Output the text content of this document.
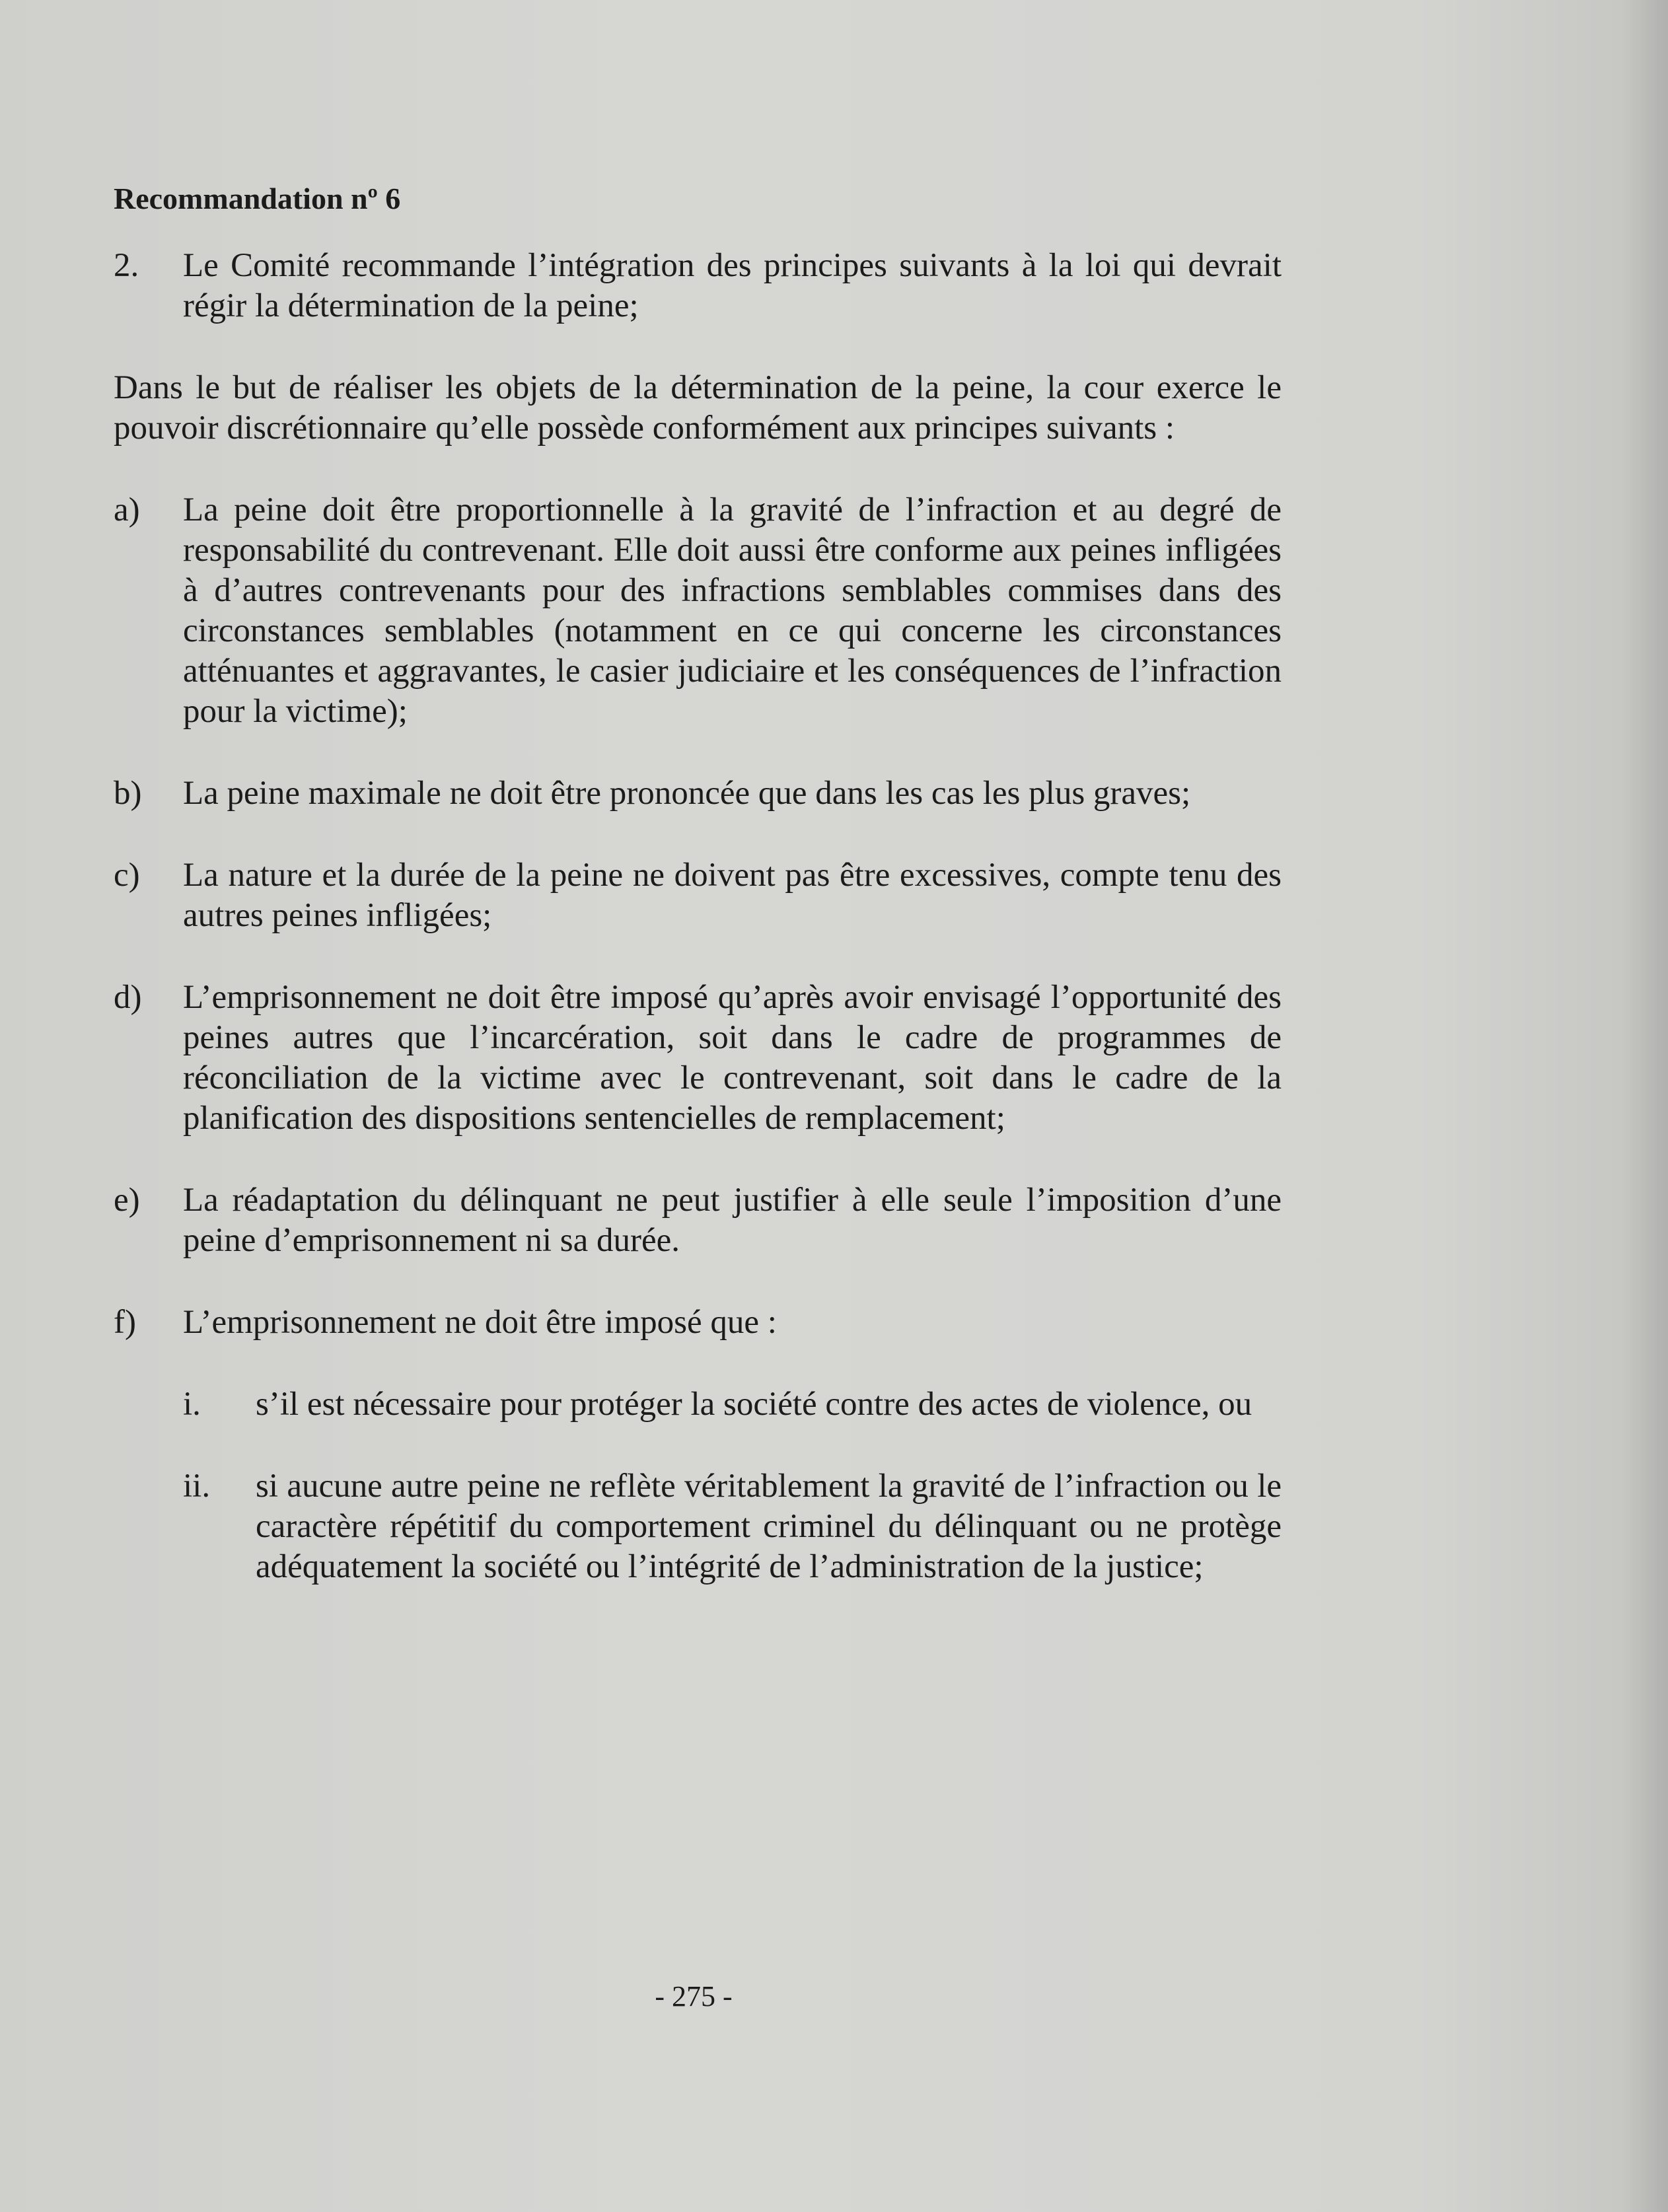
Recommandation nº 6
2.	Le Comité recommande l’intégration des principes suivants à la loi qui devrait régir la détermination de la peine;
Dans le but de réaliser les objets de la détermination de la peine, la cour exerce le pouvoir discrétionnaire qu’elle possède conformément aux principes suivants :
a)	La peine doit être proportionnelle à la gravité de l’infraction et au degré de responsabilité du contrevenant. Elle doit aussi être conforme aux peines infligées à d’autres contrevenants pour des infractions semblables commises dans des circonstances semblables (notamment en ce qui concerne les circonstances atténuantes et aggravantes, le casier judiciaire et les conséquences de l’infraction pour la victime);
b)	La peine maximale ne doit être prononcée que dans les cas les plus graves;
c)	La nature et la durée de la peine ne doivent pas être excessives, compte tenu des autres peines infligées;
d)	L’emprisonnement ne doit être imposé qu’après avoir envisagé l’opportunité des peines autres que l’incarcération, soit dans le cadre de programmes de réconciliation de la victime avec le contrevenant, soit dans le cadre de la planification des dispositions sentencielles de remplacement;
e)	La réadaptation du délinquant ne peut justifier à elle seule l’imposition d’une peine d’emprisonnement ni sa durée.
f)	L’emprisonnement ne doit être imposé que :
i.	s’il est nécessaire pour protéger la société contre des actes de violence, ou
ii.	si aucune autre peine ne reflète véritablement la gravité de l’infraction ou le caractère répétitif du comportement criminel du délinquant ou ne protège adéquatement la société ou l’intégrité de l’administration de la justice;
- 275 -
